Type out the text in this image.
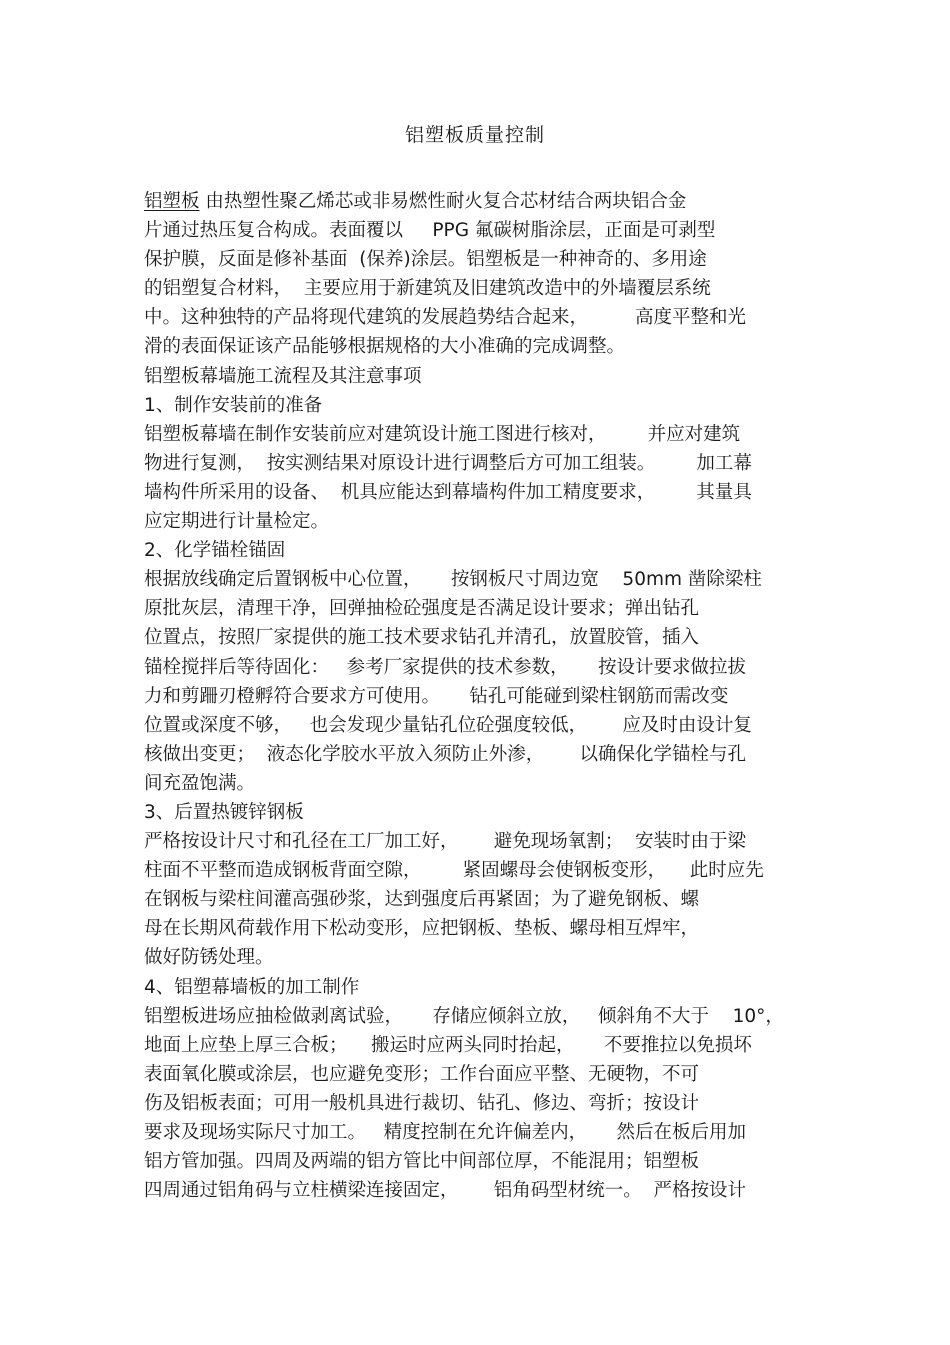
铝塑板质量控制
铝塑板 由热塑性聚乙烯芯或非易燃性耐火复合芯材结合两块铝合金
片通过热压复合构成。表面覆以     PPG 氟碳树脂涂层，正面是可剥型
保护膜，反面是修补基面  (保养)涂层。铝塑板是一种神奇的、多用途
的铝塑复合材料，  主要应用于新建筑及旧建筑改造中的外墙覆层系统
中。这种独特的产品将现代建筑的发展趋势结合起来，        高度平整和光
滑的表面保证该产品能够根据规格的大小准确的完成调整。
铝塑板幕墙施工流程及其注意事项
1、制作安装前的准备
铝塑板幕墙在制作安装前应对建筑设计施工图进行核对，       并应对建筑
物进行复测，  按实测结果对原设计进行调整后方可加工组装。       加工幕
墙构件所采用的设备、  机具应能达到幕墙构件加工精度要求，       其量具
应定期进行计量检定。
2、化学锚栓锚固
根据放线确定后置钢板中心位置，     按钢板尺寸周边宽    50mm 凿除梁柱
原批灰层，清理干净，回弹抽检砼强度是否满足设计要求；弹出钻孔
位置点，按照厂家提供的施工技术要求钻孔并清孔，放置胶管，插入
锚栓搅拌后等待固化：   参考厂家提供的技术参数，     按设计要求做拉拔
力和剪跚刃橙孵符合要求方可使用。     钻孔可能碰到梁柱钢筋而需改变
位置或深度不够，   也会发现少量钻孔位砼强度较低，      应及时由设计复
核做出变更；  液态化学胶水平放入须防止外渗，      以确保化学锚栓与孔
间充盈饱满。
3、后置热镀锌钢板
严格按设计尺寸和孔径在工厂加工好，      避免现场氧割；  安装时由于梁
柱面不平整而造成钢板背面空隙，       紧固螺母会使钢板变形，    此时应先
在钢板与梁柱间灌高强砂浆，达到强度后再紧固；为了避免钢板、螺
母在长期风荷载作用下松动变形，应把钢板、垫板、螺母相互焊牢，
做好防锈处理。
4、铝塑幕墙板的加工制作
铝塑板进场应抽检做剥离试验，     存储应倾斜立放，   倾斜角不大于    10°，
地面上应垫上厚三合板；    搬运时应两头同时抬起，     不要推拉以免损坏
表面氧化膜或涂层，也应避免变形；工作台面应平整、无硬物，不可
伤及铝板表面；可用一般机具进行裁切、钻孔、修边、弯折；按设计
要求及现场实际尺寸加工。   精度控制在允许偏差内，     然后在板后用加
铝方管加强。四周及两端的铝方管比中间部位厚，不能混用；铝塑板
四周通过铝角码与立柱横梁连接固定，      铝角码型材统一。  严格按设计
